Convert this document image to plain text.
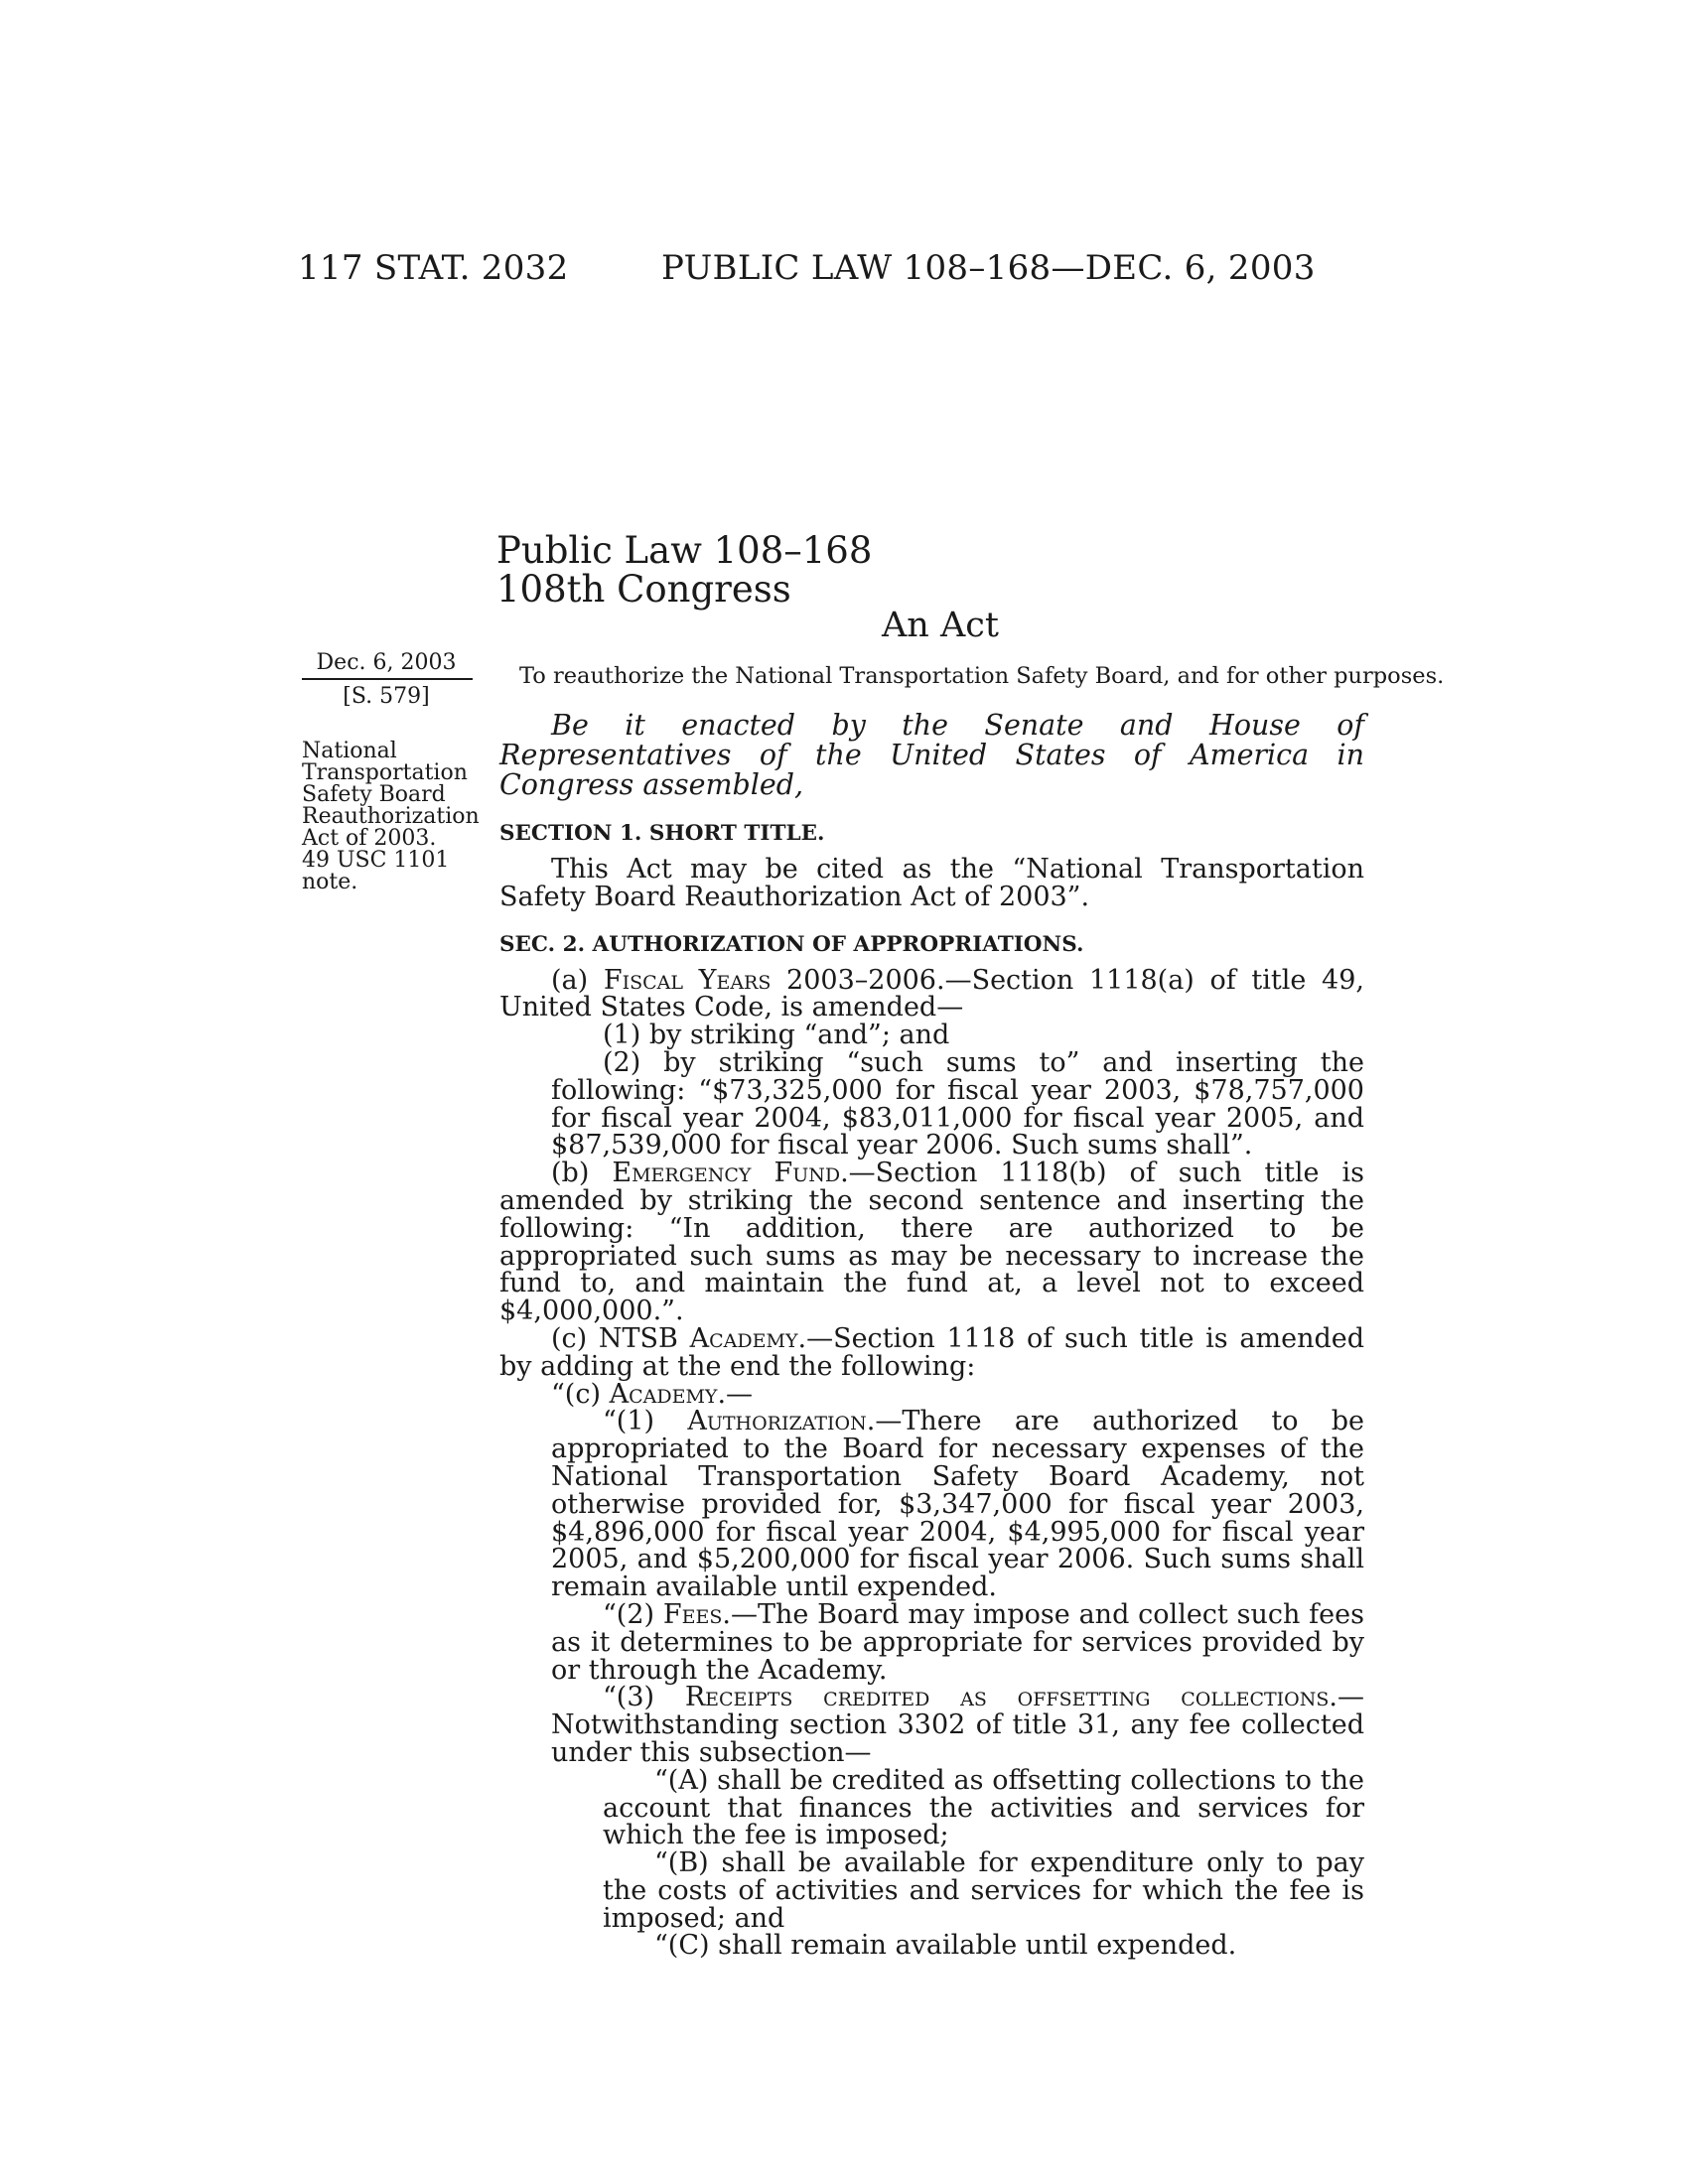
117 STAT. 2032	PUBLIC LAW 108–168—DEC. 6, 2003
Public Law 108–168
108th Congress
An Act
Dec. 6, 2003
[S. 579]
National
Transportation
Safety Board
Reauthorization
Act of 2003.
49 USC 1101
note.
To reauthorize the National Transportation Safety Board, and for other purposes.

Be it enacted by the Senate and House of Representatives of the United States of America in Congress assembled,

SECTION 1. SHORT TITLE.

This Act may be cited as the “National Transportation Safety Board Reauthorization Act of 2003”.

SEC. 2. AUTHORIZATION OF APPROPRIATIONS.

(a) Fiscal Years 2003–2006.—Section 1118(a) of title 49, United States Code, is amended—

(1) by striking “and”; and

(2) by striking “such sums to” and inserting the following: “$73,325,000 for fiscal year 2003, $78,757,000 for fiscal year 2004, $83,011,000 for fiscal year 2005, and $87,539,000 for fiscal year 2006. Such sums shall”.

(b) Emergency Fund.—Section 1118(b) of such title is amended by striking the second sentence and inserting the following: “In addition, there are authorized to be appropriated such sums as may be necessary to increase the fund to, and maintain the fund at, a level not to exceed $4,000,000.”.

(c) NTSB Academy.—Section 1118 of such title is amended by adding at the end the following:

“(c) Academy.—

“(1) Authorization.—There are authorized to be appropriated to the Board for necessary expenses of the National Transportation Safety Board Academy, not otherwise provided for, $3,347,000 for fiscal year 2003, $4,896,000 for fiscal year 2004, $4,995,000 for fiscal year 2005, and $5,200,000 for fiscal year 2006. Such sums shall remain available until expended.

“(2) Fees.—The Board may impose and collect such fees as it determines to be appropriate for services provided by or through the Academy.

“(3) Receipts credited as offsetting collections.—Notwithstanding section 3302 of title 31, any fee collected under this subsection—

“(A) shall be credited as offsetting collections to the account that finances the activities and services for which the fee is imposed;

“(B) shall be available for expenditure only to pay the costs of activities and services for which the fee is imposed; and

“(C) shall remain available until expended.
